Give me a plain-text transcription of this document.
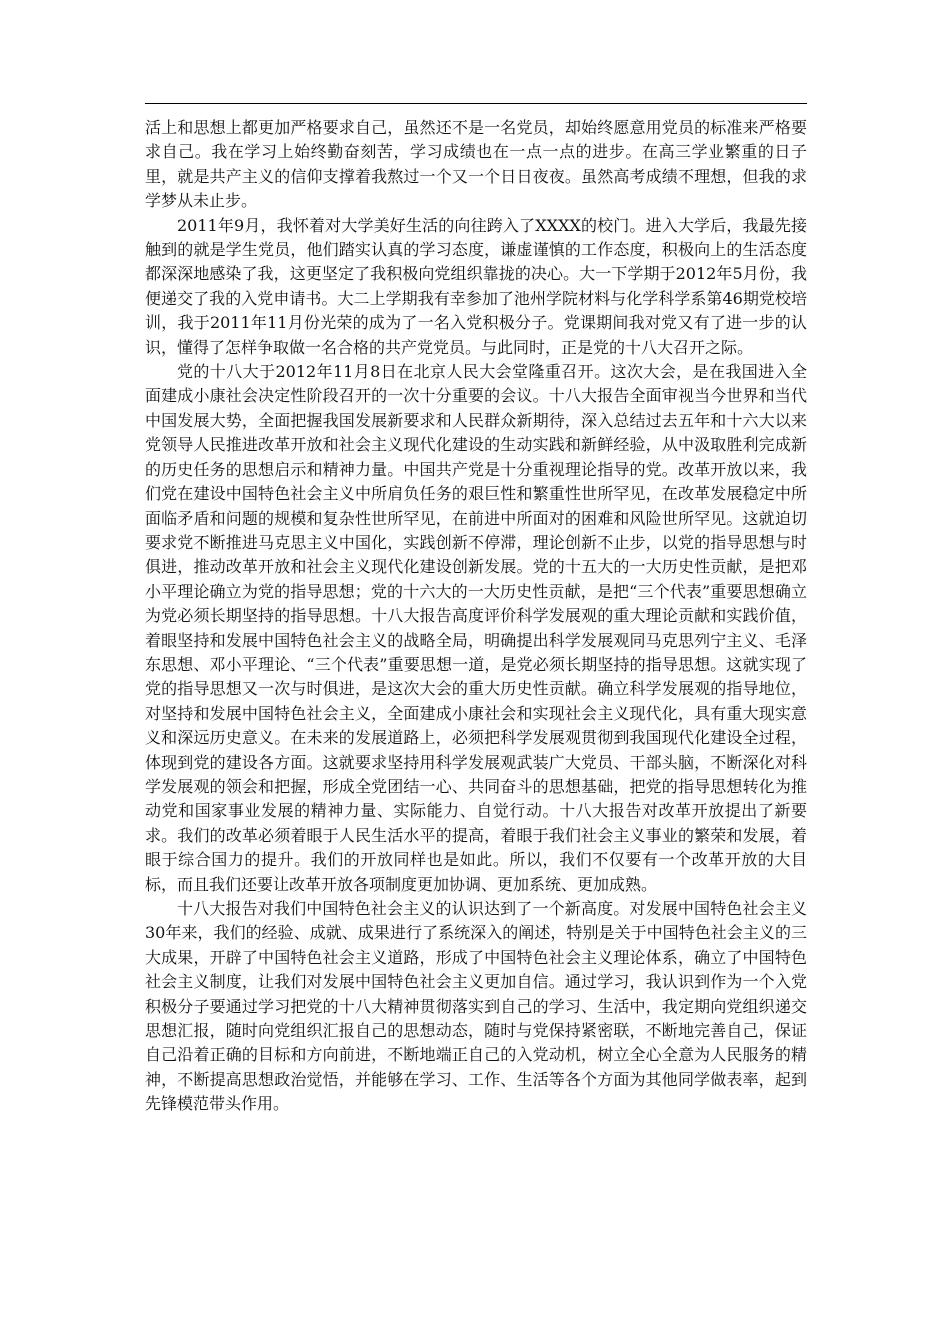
活上和思想上都更加严格要求自己，虽然还不是一名党员，却始终愿意用党员的标准来严格要求自己。我在学习上始终勤奋刻苦，学习成绩也在一点一点的进步。在高三学业繁重的日子里，就是共产主义的信仰支撑着我熬过一个又一个日日夜夜。虽然高考成绩不理想，但我的求学梦从未止步。

2011年9月，我怀着对大学美好生活的向往跨入了XXXX的校门。进入大学后，我最先接触到的就是学生党员，他们踏实认真的学习态度，谦虚谨慎的工作态度，积极向上的生活态度都深深地感染了我，这更坚定了我积极向党组织靠拢的决心。大一下学期于2012年5月份，我便递交了我的入党申请书。大二上学期我有幸参加了池州学院材料与化学科学系第46期党校培训，我于2011年11月份光荣的成为了一名入党积极分子。党课期间我对党又有了进一步的认识，懂得了怎样争取做一名合格的共产党党员。与此同时，正是党的十八大召开之际。

党的十八大于2012年11月8日在北京人民大会堂隆重召开。这次大会，是在我国进入全面建成小康社会决定性阶段召开的一次十分重要的会议。十八大报告全面审视当今世界和当代中国发展大势，全面把握我国发展新要求和人民群众新期待，深入总结过去五年和十六大以来党领导人民推进改革开放和社会主义现代化建设的生动实践和新鲜经验，从中汲取胜利完成新的历史任务的思想启示和精神力量。中国共产党是十分重视理论指导的党。改革开放以来，我们党在建设中国特色社会主义中所肩负任务的艰巨性和繁重性世所罕见，在改革发展稳定中所面临矛盾和问题的规模和复杂性世所罕见，在前进中所面对的困难和风险世所罕见。这就迫切要求党不断推进马克思主义中国化，实践创新不停滞，理论创新不止步，以党的指导思想与时俱进，推动改革开放和社会主义现代化建设创新发展。党的十五大的一大历史性贡献，是把邓小平理论确立为党的指导思想；党的十六大的一大历史性贡献，是把“三个代表”重要思想确立为党必须长期坚持的指导思想。十八大报告高度评价科学发展观的重大理论贡献和实践价值，着眼坚持和发展中国特色社会主义的战略全局，明确提出科学发展观同马克思列宁主义、毛泽东思想、邓小平理论、“三个代表”重要思想一道，是党必须长期坚持的指导思想。这就实现了党的指导思想又一次与时俱进，是这次大会的重大历史性贡献。确立科学发展观的指导地位，对坚持和发展中国特色社会主义，全面建成小康社会和实现社会主义现代化，具有重大现实意义和深远历史意义。在未来的发展道路上，必须把科学发展观贯彻到我国现代化建设全过程，体现到党的建设各方面。这就要求坚持用科学发展观武装广大党员、干部头脑，不断深化对科学发展观的领会和把握，形成全党团结一心、共同奋斗的思想基础，把党的指导思想转化为推动党和国家事业发展的精神力量、实际能力、自觉行动。十八大报告对改革开放提出了新要求。我们的改革必须着眼于人民生活水平的提高，着眼于我们社会主义事业的繁荣和发展，着眼于综合国力的提升。我们的开放同样也是如此。所以，我们不仅要有一个改革开放的大目标，而且我们还要让改革开放各项制度更加协调、更加系统、更加成熟。

十八大报告对我们中国特色社会主义的认识达到了一个新高度。对发展中国特色社会主义30年来，我们的经验、成就、成果进行了系统深入的阐述，特别是关于中国特色社会主义的三大成果，开辟了中国特色社会主义道路，形成了中国特色社会主义理论体系，确立了中国特色社会主义制度，让我们对发展中国特色社会主义更加自信。通过学习，我认识到作为一个入党积极分子要通过学习把党的十八大精神贯彻落实到自己的学习、生活中，我定期向党组织递交思想汇报，随时向党组织汇报自己的思想动态，随时与党保持紧密联，不断地完善自己，保证自己沿着正确的目标和方向前进，不断地端正自己的入党动机，树立全心全意为人民服务的精神，不断提高思想政治觉悟，并能够在学习、工作、生活等各个方面为其他同学做表率，起到先锋模范带头作用。
